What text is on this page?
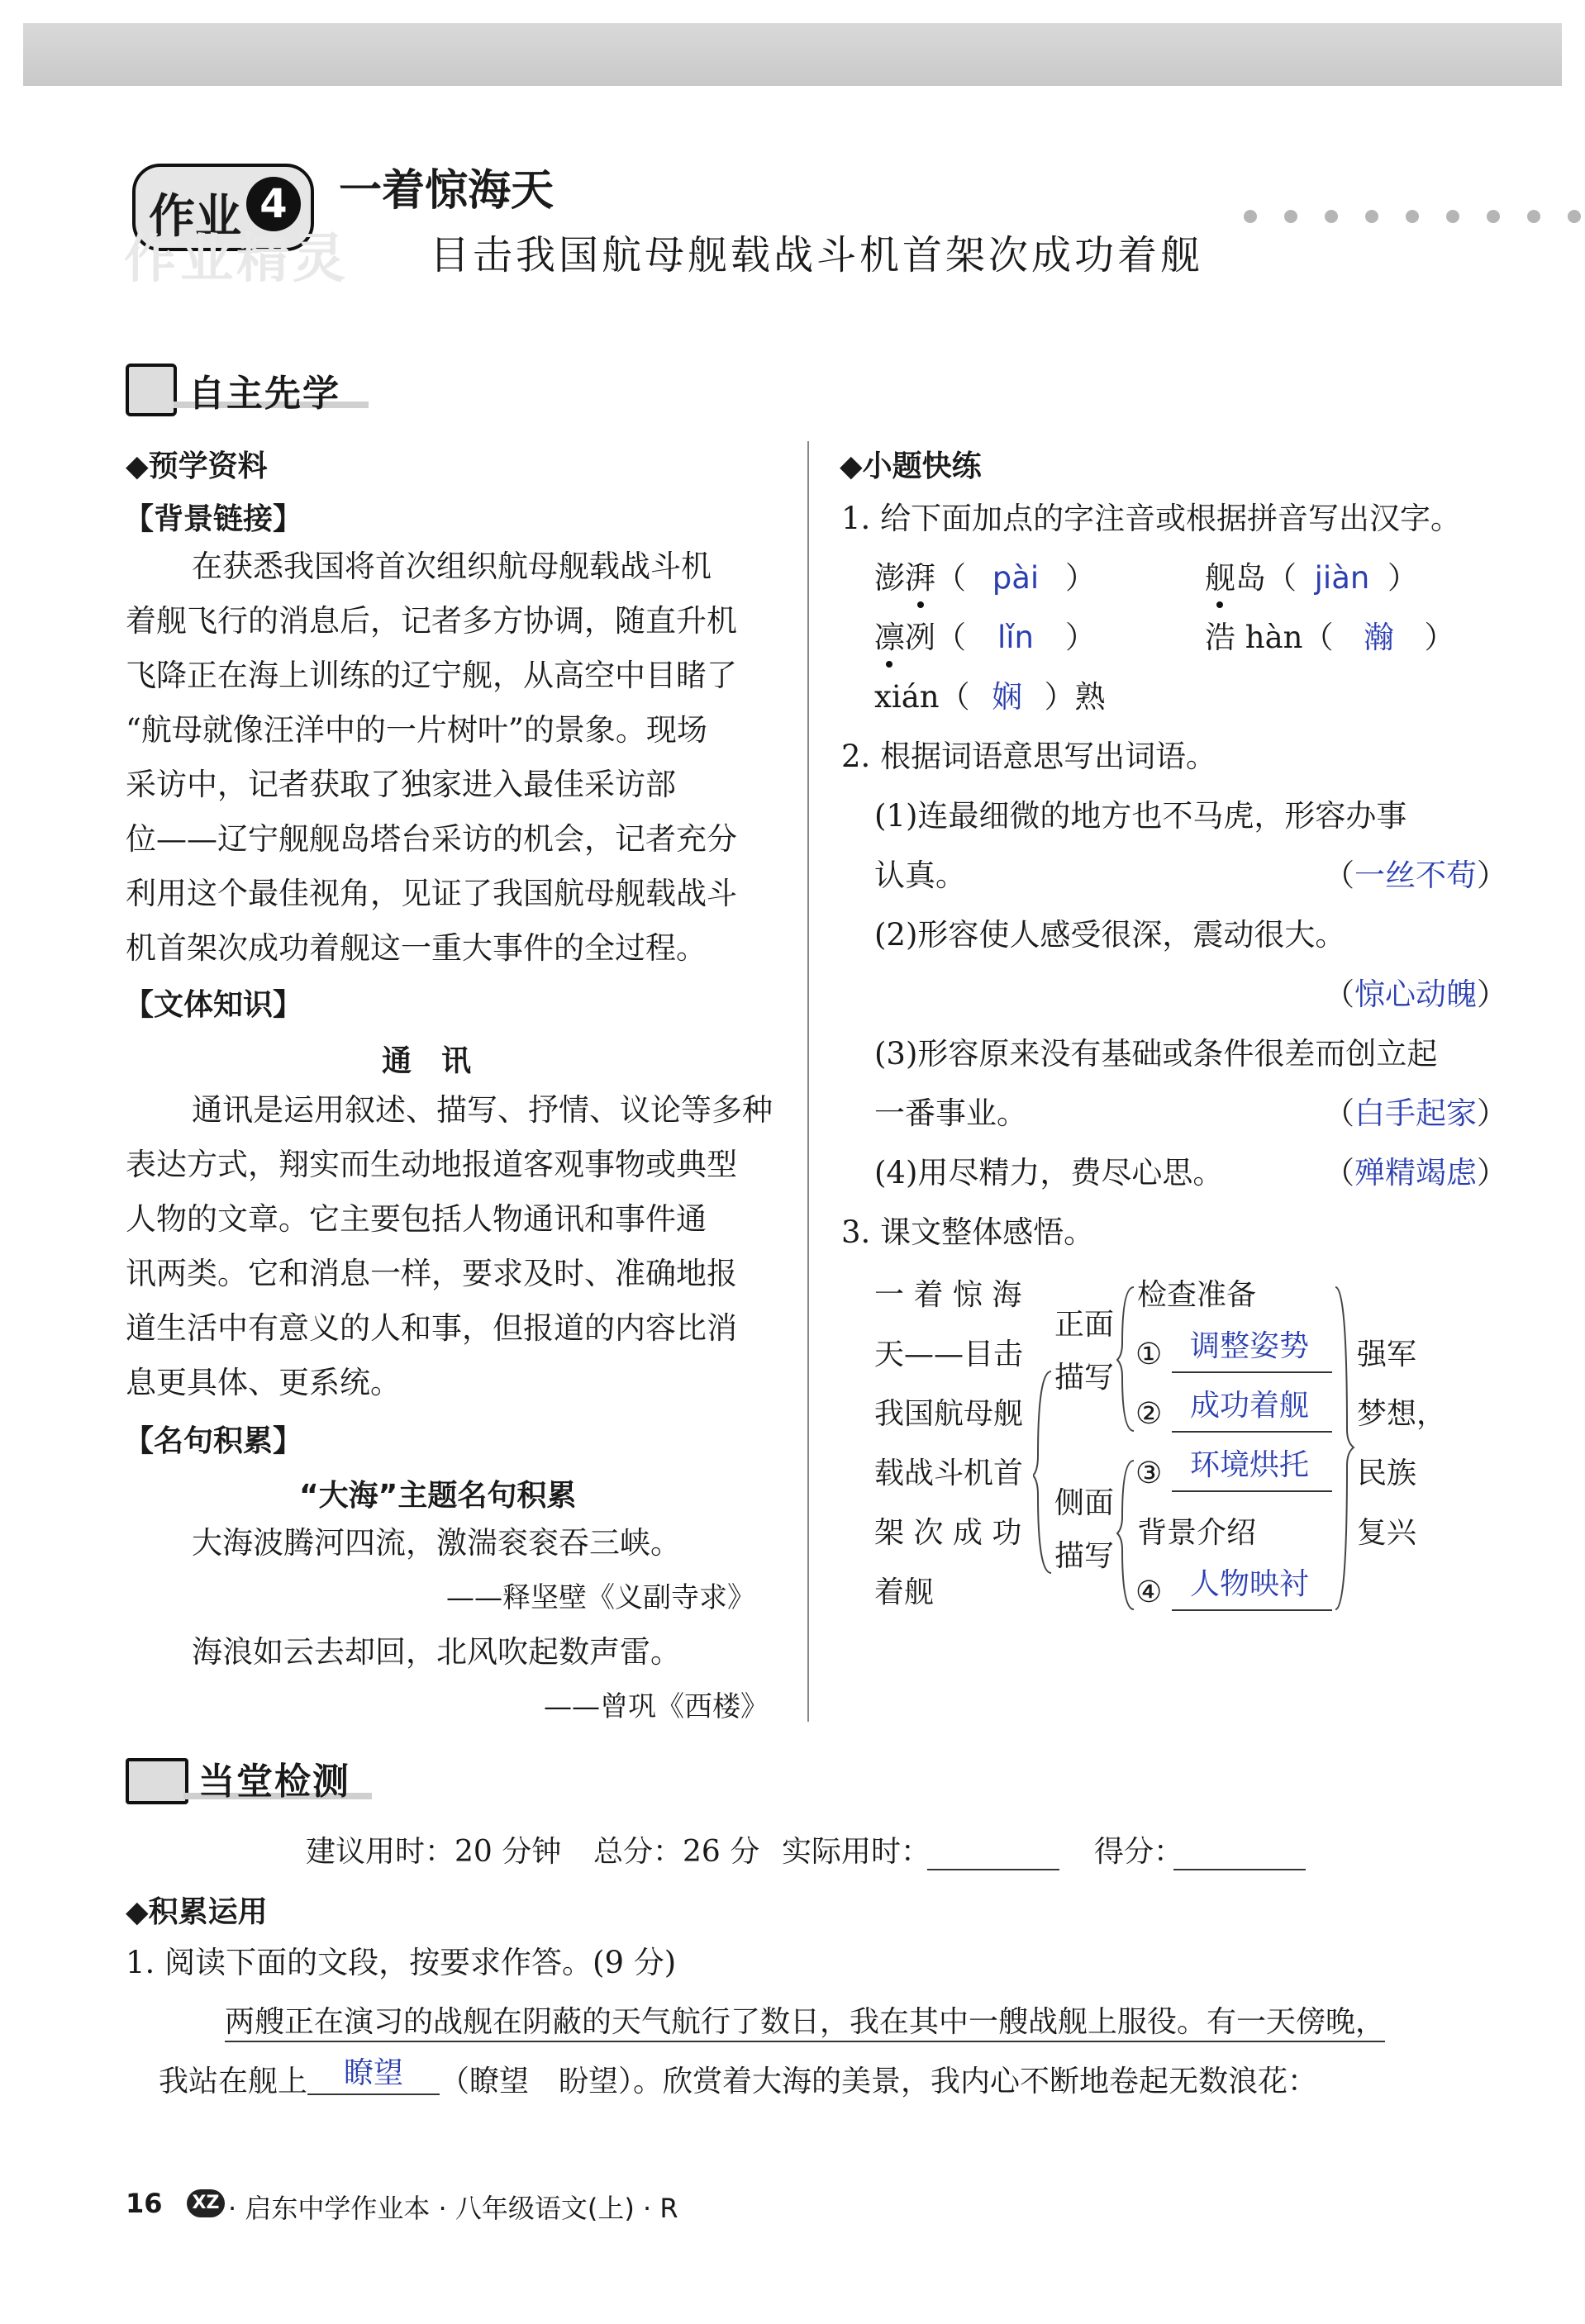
作业 4
作业精灵
一着惊海天
目击我国航母舰载战斗机首架次成功着舰
自主先学
◆预学资料
【背景链接】
在获悉我国将首次组织航母舰载战斗机
着舰飞行的消息后，记者多方协调，随直升机
飞降正在海上训练的辽宁舰，从高空中目睹了
“航母就像汪洋中的一片树叶”的景象。现场
采访中，记者获取了独家进入最佳采访部
位——辽宁舰舰岛塔台采访的机会，记者充分
利用这个最佳视角，见证了我国航母舰载战斗
机首架次成功着舰这一重大事件的全过程。
【文体知识】
通　讯
通讯是运用叙述、描写、抒情、议论等多种
表达方式，翔实而生动地报道客观事物或典型
人物的文章。它主要包括人物通讯和事件通
讯两类。它和消息一样，要求及时、准确地报
道生活中有意义的人和事，但报道的内容比消
息更具体、更系统。
【名句积累】
“大海”主题名句积累
大海波腾河四流，激湍衮衮吞三峡。
——释坚壁《义副寺求》
海浪如云去却回，北风吹起数声雷。
——曾巩《西楼》
◆小题快练
1. 给下面加点的字注音或根据拼音写出汉字。
澎湃（ pài ）	舰岛（ jiàn ）
凛冽（ lǐn ）	浩 hàn（ 瀚 ）
xián（ 娴 ）熟
2. 根据词语意思写出词语。
(1)连最细微的地方也不马虎，形容办事
认真。	（一丝不苟）
(2)形容使人感受很深，震动很大。
（惊心动魄）
(3)形容原来没有基础或条件很差而创立起
一番事业。	（白手起家）
(4)用尽精力，费尽心思。	（殚精竭虑）
3. 课文整体感悟。
一 着 惊 海
天——目击
我国航母舰
载战斗机首
架 次 成 功
着舰
正面
描写
侧面
描写
检查准备
① 调整姿势
② 成功着舰
③ 环境烘托
背景介绍
④ 人物映衬
强军
梦想，
民族
复兴
当堂检测
建议用时：20 分钟 总分：26 分 实际用时：	得分：
◆积累运用
1. 阅读下面的文段，按要求作答。(9 分)
两艘正在演习的战舰在阴蔽的天气航行了数日，我在其中一艘战舰上服役。有一天傍晚，
我站在舰上 瞭望 （瞭望　盼望）。欣赏着大海的美景，我内心不断地卷起无数浪花：
16 XZ · 启东中学作业本 · 八年级语文(上) · R
